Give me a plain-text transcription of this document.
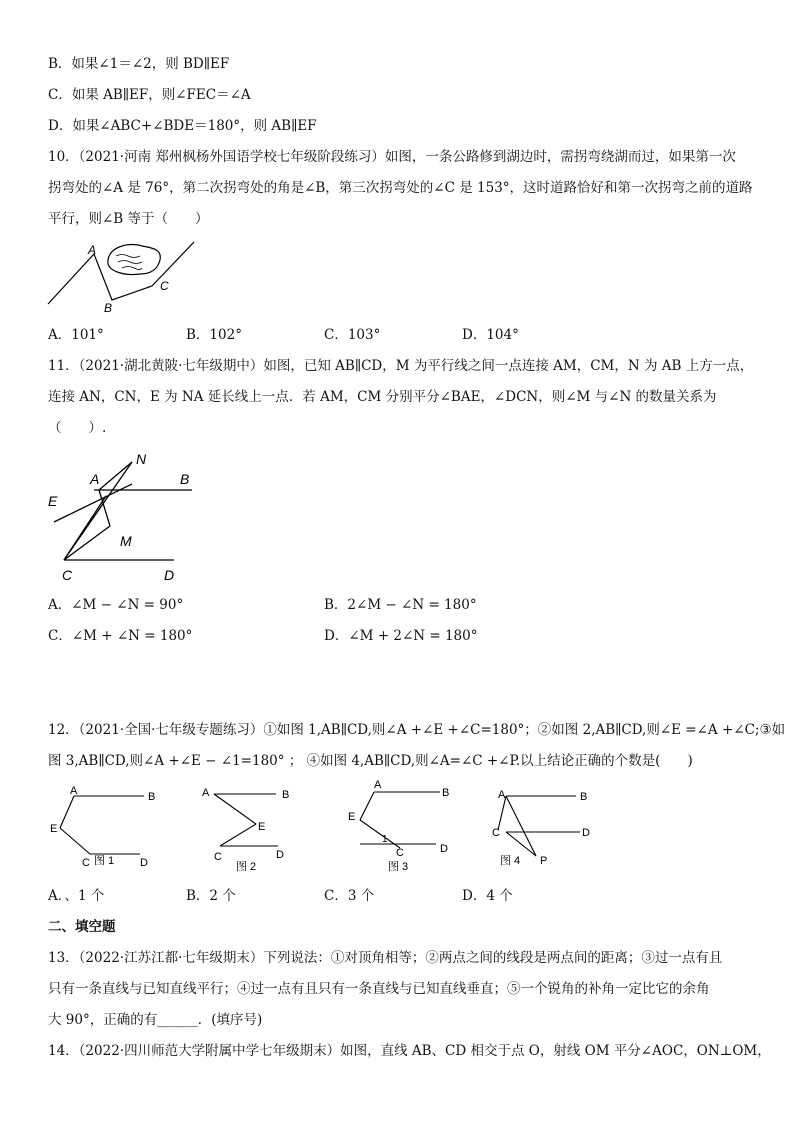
B．如果∠1＝∠2，则 BD∥EF
C．如果 AB∥EF，则∠FEC＝∠A
D．如果∠ABC+∠BDE＝180°，则 AB∥EF
10．（2021·河南 郑州枫杨外国语学校七年级阶段练习）如图，一条公路修到湖边时，需拐弯绕湖而过，如果第一次
拐弯处的∠A 是 76°，第二次拐弯处的角是∠B，第三次拐弯处的∠C 是 153°，这时道路恰好和第一次拐弯之前的道路
平行，则∠B 等于（　　）
A
B
C
A．101°	B．102°	C．103°	D．104°
11．（2021·湖北黄陂·七年级期中）如图，已知 AB∥CD，M 为平行线之间一点连接 AM，CM，N 为 AB 上方一点，
连接 AN，CN，E 为 NA 延长线上一点．若 AM，CM 分别平分∠BAE，∠DCN，则∠M 与∠N 的数量关系为
（　　）.
N
A	B
E
M
C	D
A．∠M − ∠N = 90°	B．2∠M − ∠N = 180°
C．∠M + ∠N = 180°	D．∠M + 2∠N = 180°
12．（2021·全国·七年级专题练习）①如图 1,AB∥CD,则∠A +∠E +∠C=180°；②如图 2,AB∥CD,则∠E =∠A +∠C;③如
图 3,AB∥CD,则∠A +∠E − ∠1=180° ； ④如图 4,AB∥CD,则∠A=∠C +∠P.以上结论正确的个数是(　　)
A	B
E
C	D
图 1
A	B
E
C	D
图 2
A
B
E
1
C	D
图 3
A	B
C	D
P
图 4
A．、1 个	B．2 个	C．3 个	D．4 个
二、填空题
13．（2022·江苏江都·七年级期末）下列说法：①对顶角相等；②两点之间的线段是两点间的距离；③过一点有且
只有一条直线与已知直线平行；④过一点有且只有一条直线与已知直线垂直；⑤一个锐角的补角一定比它的余角
大 90°，正确的有______．(填序号)
14．（2022·四川师范大学附属中学七年级期末）如图，直线 AB、CD 相交于点 O，射线 OM 平分∠AOC，ON⊥OM，
